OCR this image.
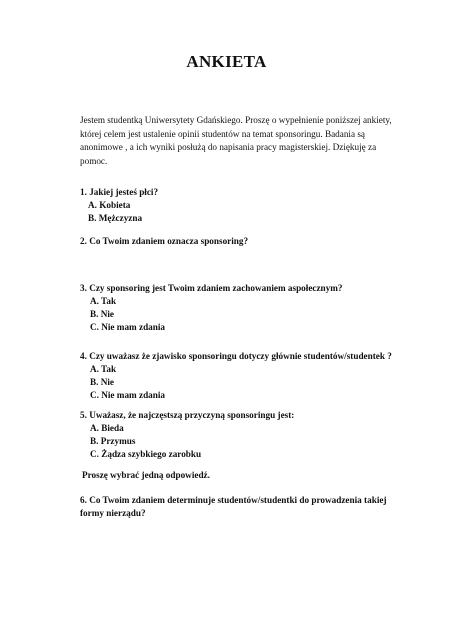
ANKIETA
Jestem studentką Uniwersytety Gdańskiego. Proszę o wypełnienie poniższej ankiety, której celem jest ustalenie opinii studentów na temat sponsoringu. Badania są anonimowe , a ich wyniki posłużą do napisania pracy magisterskiej. Dziękuję za pomoc.
1. Jakiej jesteś płci?
A. Kobieta
B. Mężczyzna
2. Co Twoim zdaniem oznacza sponsoring?
3. Czy sponsoring jest Twoim zdaniem zachowaniem aspołecznym?
A. Tak
B. Nie
C. Nie mam zdania
4. Czy uważasz że zjawisko sponsoringu dotyczy głównie studentów/studentek ?
A. Tak
B. Nie
C. Nie mam zdania
5. Uważasz, że najczęstszą przyczyną sponsoringu jest:
A. Bieda
B. Przymus
C. Żądza szybkiego zarobku
Proszę wybrać jedną odpowiedź.
6. Co Twoim zdaniem determinuje studentów/studentki do prowadzenia takiej formy nierządu?
